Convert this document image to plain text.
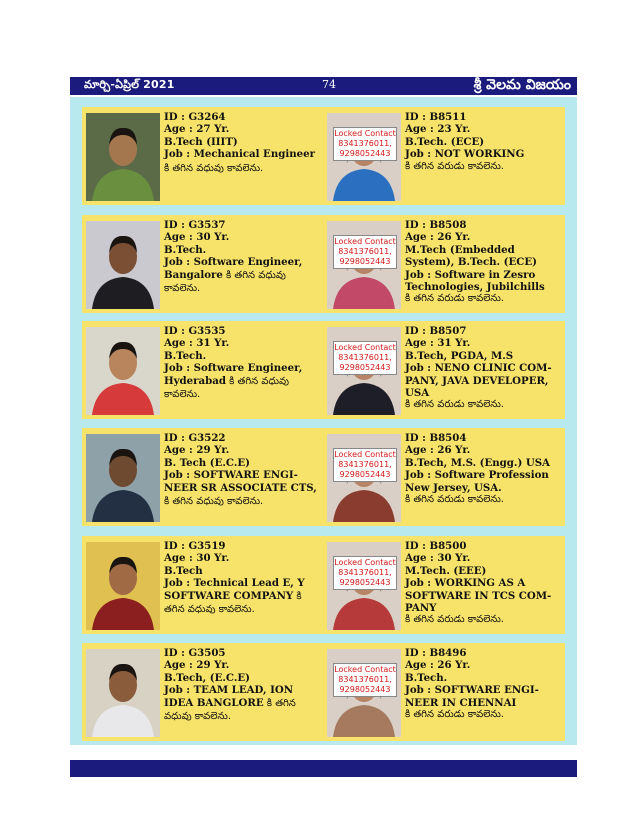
మార్చి-ఏప్రిల్ 2021	74	శ్రీ వెలమ విజయం
ID : G3264
Age : 27 Yr.
B.Tech (IIIT)
Job : Mechanical Engineer కి తగిన వధువు కావలెను.
ID : G3537
Age : 30 Yr.
B.Tech.
Job : Software Engineer, Bangalore కి తగిన వధువు కావలెను.
ID : G3535
Age : 31 Yr.
B.Tech.
Job : Software Engineer, Hyderabad కి తగిన వధువు కావలెను.
ID : G3522
Age : 29 Yr.
B. Tech (E.C.E)
Job : SOFTWARE ENGI-NEER SR ASSOCIATE CTS, కి తగిన వధువు కావలెను.
ID : G3519
Age : 30 Yr.
B.Tech
Job : Technical Lead E, Y SOFTWARE COMPANY కి తగిన వధువు కావలెను.
ID : G3505
Age : 29 Yr.
B.Tech, (E.C.E)
Job : TEAM LEAD, ION IDEA BANGLORE కి తగిన వధువు కావలెను.
Locked Contact
8341376011,
9298052443
ID : B8511
Age : 23 Yr.
B.Tech. (ECE)
Job : NOT WORKING
కి తగిన వరుడు కావలెను.
Locked Contact
8341376011,
9298052443
ID : B8508
Age : 26 Yr.
M.Tech (Embedded System), B.Tech. (ECE)
Job : Software in Zesro Technologies, Jubilchills
కి తగిన వరుడు కావలెను.
Locked Contact
8341376011,
9298052443
ID : B8507
Age : 31 Yr.
B.Tech, PGDA, M.S
Job : NENO CLINIC COM-PANY, JAVA DEVELOPER, USA
కి తగిన వరుడు కావలెను.
Locked Contact
8341376011,
9298052443
ID : B8504
Age : 26 Yr.
B.Tech, M.S. (Engg.) USA
Job : Software Profession New Jersey, USA.
కి తగిన వరుడు కావలెను.
Locked Contact
8341376011,
9298052443
ID : B8500
Age : 30 Yr.
M.Tech. (EEE)
Job : WORKING AS A SOFTWARE IN TCS COM-PANY
కి తగిన వరుడు కావలెను.
Locked Contact
8341376011,
9298052443
ID : B8496
Age : 26 Yr.
B.Tech.
Job : SOFTWARE ENGI-NEER IN CHENNAI
కి తగిన వరుడు కావలెను.
